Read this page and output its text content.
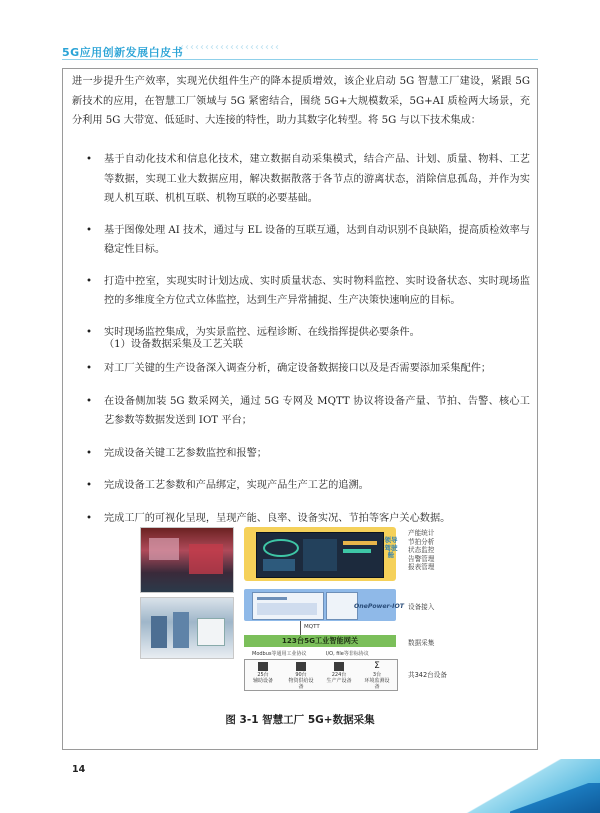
5G应用创新发展白皮书
‹‹‹‹‹‹‹‹‹‹‹‹‹‹‹‹‹‹‹‹
进一步提升生产效率，实现光伏组件生产的降本提质增效，该企业启动 5G 智慧工厂建设，紧跟 5G 新技术的应用，在智慧工厂领域与 5G 紧密结合，围绕 5G+大规模数采，5G+AI 质检两大场景，充分利用 5G 大带宽、低延时、大连接的特性，助力其数字化转型。将 5G 与以下技术集成：
• 基于自动化技术和信息化技术，建立数据自动采集模式，结合产品、计划、质量、物料、工艺等数据，实现工业大数据应用，解决数据散落于各节点的游离状态，消除信息孤岛，并作为实现人机互联、机机互联、机物互联的必要基础。
• 基于图像处理 AI 技术，通过与 EL 设备的互联互通，达到自动识别不良缺陷，提高质检效率与稳定性目标。
• 打造中控室，实现实时计划达成、实时质量状态、实时物料监控、实时设备状态、实时现场监控的多维度全方位式立体监控，达到生产异常捕捉、生产决策快速响应的目标。
• 实时现场监控集成，为实景监控、远程诊断、在线指挥提供必要条件。
（1）设备数据采集及工艺关联
• 对工厂关键的生产设备深入调查分析，确定设备数据接口以及是否需要添加采集配件；
• 在设备侧加装 5G 数采网关，通过 5G 专网及 MQTT 协议将设备产量、节拍、告警、核心工艺参数等数据发送到 IOT 平台；
• 完成设备关键工艺参数监控和报警；
• 完成设备工艺参数和产品绑定，实现产品生产工艺的追溯。
• 完成工厂的可视化呈现，呈现产能、良率、设备实况、节拍等客户关心数据。
领导驾驶舱
产能统计
节拍分析
状态监控
告警管理
报表管理
OnePower-IOT 设备接入
MQTT
123台5G工业智能网关	数据采集
Modbus等通用工业协议	I/O, file等非标协议
25台
辅助设备
90台
物资供给设备
224台
生产产设备
Σ
3台
环境监测设备
共342台设备
图 3-1 智慧工厂 5G+数据采集
14
